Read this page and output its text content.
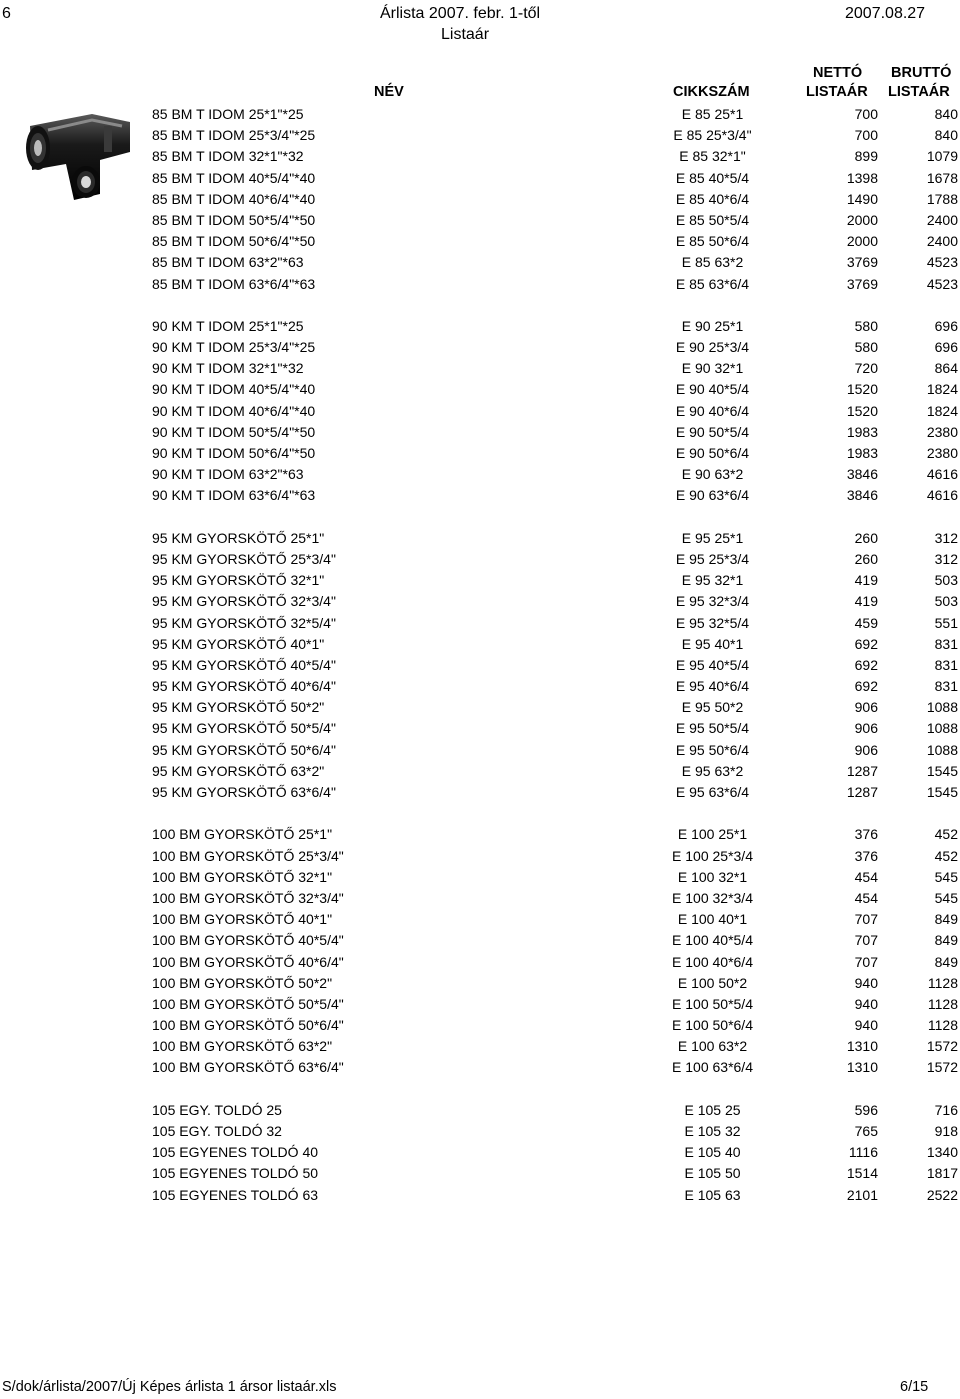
6	Árlista 2007. febr. 1-től
Listaár
2007.08.27
NÉV	CIKKSZÁM
NETTÓ
LISTAÁR
BRUTTÓ
LISTAÁR
85 BM T IDOM 25*1"*25	E 85 25*1	700	840
85 BM T IDOM 25*3/4"*25	E 85 25*3/4"	700	840
85 BM T IDOM 32*1"*32	E 85 32*1"	899	1079
85 BM T IDOM 40*5/4"*40	E 85 40*5/4	1398	1678
85 BM T IDOM 40*6/4"*40	E 85 40*6/4	1490	1788
85 BM T IDOM 50*5/4"*50	E 85 50*5/4	2000	2400
85 BM T IDOM 50*6/4"*50	E 85 50*6/4	2000	2400
85 BM T IDOM 63*2"*63	E 85 63*2	3769	4523
85 BM T IDOM 63*6/4"*63	E 85 63*6/4	3769	4523
90 KM T IDOM 25*1"*25	E 90 25*1	580	696
90 KM T IDOM 25*3/4"*25	E 90 25*3/4	580	696
90 KM T IDOM 32*1"*32	E 90 32*1	720	864
90 KM T IDOM 40*5/4"*40	E 90 40*5/4	1520	1824
90 KM T IDOM 40*6/4"*40	E 90 40*6/4	1520	1824
90 KM T IDOM 50*5/4"*50	E 90 50*5/4	1983	2380
90 KM T IDOM 50*6/4"*50	E 90 50*6/4	1983	2380
90 KM T IDOM 63*2"*63	E 90 63*2	3846	4616
90 KM T IDOM 63*6/4"*63	E 90 63*6/4	3846	4616
95 KM GYORSKÖTŐ 25*1"	E 95 25*1	260	312
95 KM GYORSKÖTŐ 25*3/4"	E 95 25*3/4	260	312
95 KM GYORSKÖTŐ 32*1"	E 95 32*1	419	503
95 KM GYORSKÖTŐ 32*3/4"	E 95 32*3/4	419	503
95 KM GYORSKÖTŐ 32*5/4"	E 95 32*5/4	459	551
95 KM GYORSKÖTŐ 40*1"	E 95 40*1	692	831
95 KM GYORSKÖTŐ 40*5/4"	E 95 40*5/4	692	831
95 KM GYORSKÖTŐ 40*6/4"	E 95 40*6/4	692	831
95 KM GYORSKÖTŐ 50*2"	E 95 50*2	906	1088
95 KM GYORSKÖTŐ 50*5/4"	E 95 50*5/4	906	1088
95 KM GYORSKÖTŐ 50*6/4"	E 95 50*6/4	906	1088
95 KM GYORSKÖTŐ 63*2"	E 95 63*2	1287	1545
95 KM GYORSKÖTŐ 63*6/4"	E 95 63*6/4	1287	1545
100 BM GYORSKÖTŐ 25*1"	E 100 25*1	376	452
100 BM GYORSKÖTŐ 25*3/4"	E 100 25*3/4	376	452
100 BM GYORSKÖTŐ 32*1"	E 100 32*1	454	545
100 BM GYORSKÖTŐ 32*3/4"	E 100 32*3/4	454	545
100 BM GYORSKÖTŐ 40*1"	E 100 40*1	707	849
100 BM GYORSKÖTŐ 40*5/4"	E 100 40*5/4	707	849
100 BM GYORSKÖTŐ 40*6/4"	E 100 40*6/4	707	849
100 BM GYORSKÖTŐ 50*2"	E 100 50*2	940	1128
100 BM GYORSKÖTŐ 50*5/4"	E 100 50*5/4	940	1128
100 BM GYORSKÖTŐ 50*6/4"	E 100 50*6/4	940	1128
100 BM GYORSKÖTŐ 63*2"	E 100 63*2	1310	1572
100 BM GYORSKÖTŐ 63*6/4"	E 100 63*6/4	1310	1572
105 EGY. TOLDÓ 25	E 105 25	596	716
105 EGY. TOLDÓ 32	E 105 32	765	918
105 EGYENES TOLDÓ 40	E 105 40	1116	1340
105 EGYENES TOLDÓ 50	E 105 50	1514	1817
105 EGYENES TOLDÓ 63	E 105 63	2101	2522
S/dok/árlista/2007/Új Képes árlista 1 ársor listaár.xls	6/15
